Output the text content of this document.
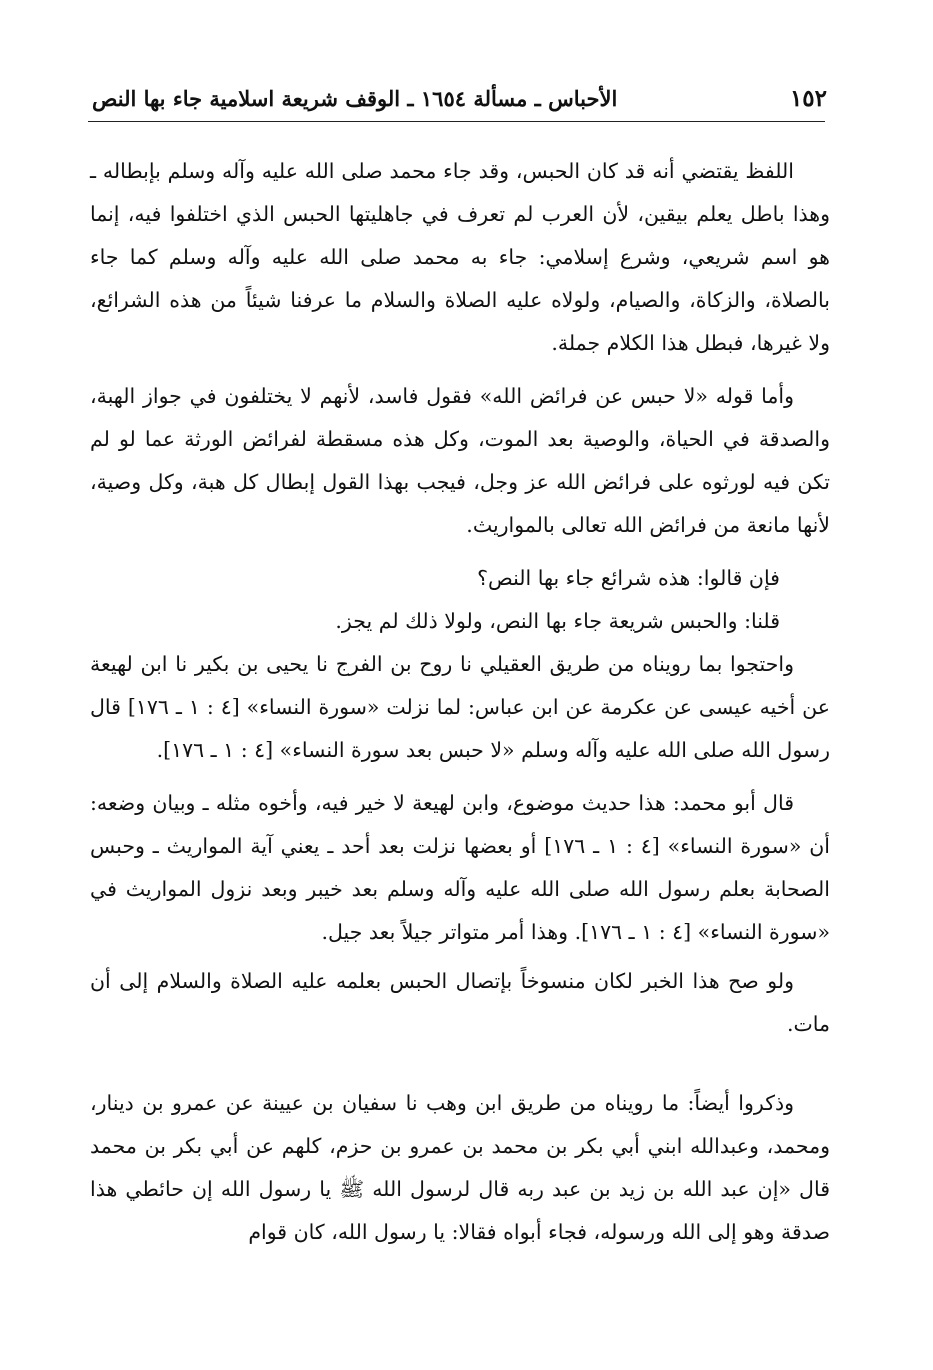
١٥٢
الأحباس ـ مسألة ١٦٥٤ ـ الوقف شريعة اسلامية جاء بها النص

اللفظ يقتضي أنه قد كان الحبس، وقد جاء محمد صلى الله عليه وآله وسلم بإبطاله ـ وهذا باطل يعلم بيقين، لأن العرب لم تعرف في جاهليتها الحبس الذي اختلفوا فيه، إنما هو اسم شريعي، وشرع إسلامي: جاء به محمد صلى الله عليه وآله وسلم كما جاء بالصلاة، والزكاة، والصيام، ولولاه عليه الصلاة والسلام ما عرفنا شيئاً من هذه الشرائع، ولا غيرها، فبطل هذا الكلام جملة.

وأما قوله «لا حبس عن فرائض الله» فقول فاسد، لأنهم لا يختلفون في جواز الهبة، والصدقة في الحياة، والوصية بعد الموت، وكل هذه مسقطة لفرائض الورثة عما لو لم تكن فيه لورثوه على فرائض الله عز وجل، فيجب بهذا القول إبطال كل هبة، وكل وصية، لأنها مانعة من فرائض الله تعالى بالمواريث.

فإن قالوا: هذه شرائع جاء بها النص؟

قلنا: والحبس شريعة جاء بها النص، ولولا ذلك لم يجز.

واحتجوا بما رويناه من طريق العقيلي نا روح بن الفرج نا يحيى بن بكير نا ابن لهيعة عن أخيه عيسى عن عكرمة عن ابن عباس: لما نزلت «سورة النساء» [٤ : ١ ـ ١٧٦] قال رسول الله صلى الله عليه وآله وسلم «لا حبس بعد سورة النساء» [٤ : ١ ـ ١٧٦].

قال أبو محمد: هذا حديث موضوع، وابن لهيعة لا خير فيه، وأخوه مثله ـ وبيان وضعه: أن «سورة النساء» [٤ : ١ ـ ١٧٦] أو بعضها نزلت بعد أحد ـ يعني آية المواريث ـ وحبس الصحابة بعلم رسول الله صلى الله عليه وآله وسلم بعد خيبر وبعد نزول المواريث في «سورة النساء» [٤ : ١ ـ ١٧٦]. وهذا أمر متواتر جيلاً بعد جيل.

ولو صح هذا الخبر لكان منسوخاً بإتصال الحبس بعلمه عليه الصلاة والسلام إلى أن مات.

وذكروا أيضاً: ما رويناه من طريق ابن وهب نا سفيان بن عيينة عن عمرو بن دينار، ومحمد، وعبدالله ابني أبي بكر بن محمد بن عمرو بن حزم، كلهم عن أبي بكر بن محمد قال «إن عبد الله بن زيد بن عبد ربه قال لرسول الله ﷺ يا رسول الله إن حائطي هذا صدقة وهو إلى الله ورسوله، فجاء أبواه فقالا: يا رسول الله، كان قوام
